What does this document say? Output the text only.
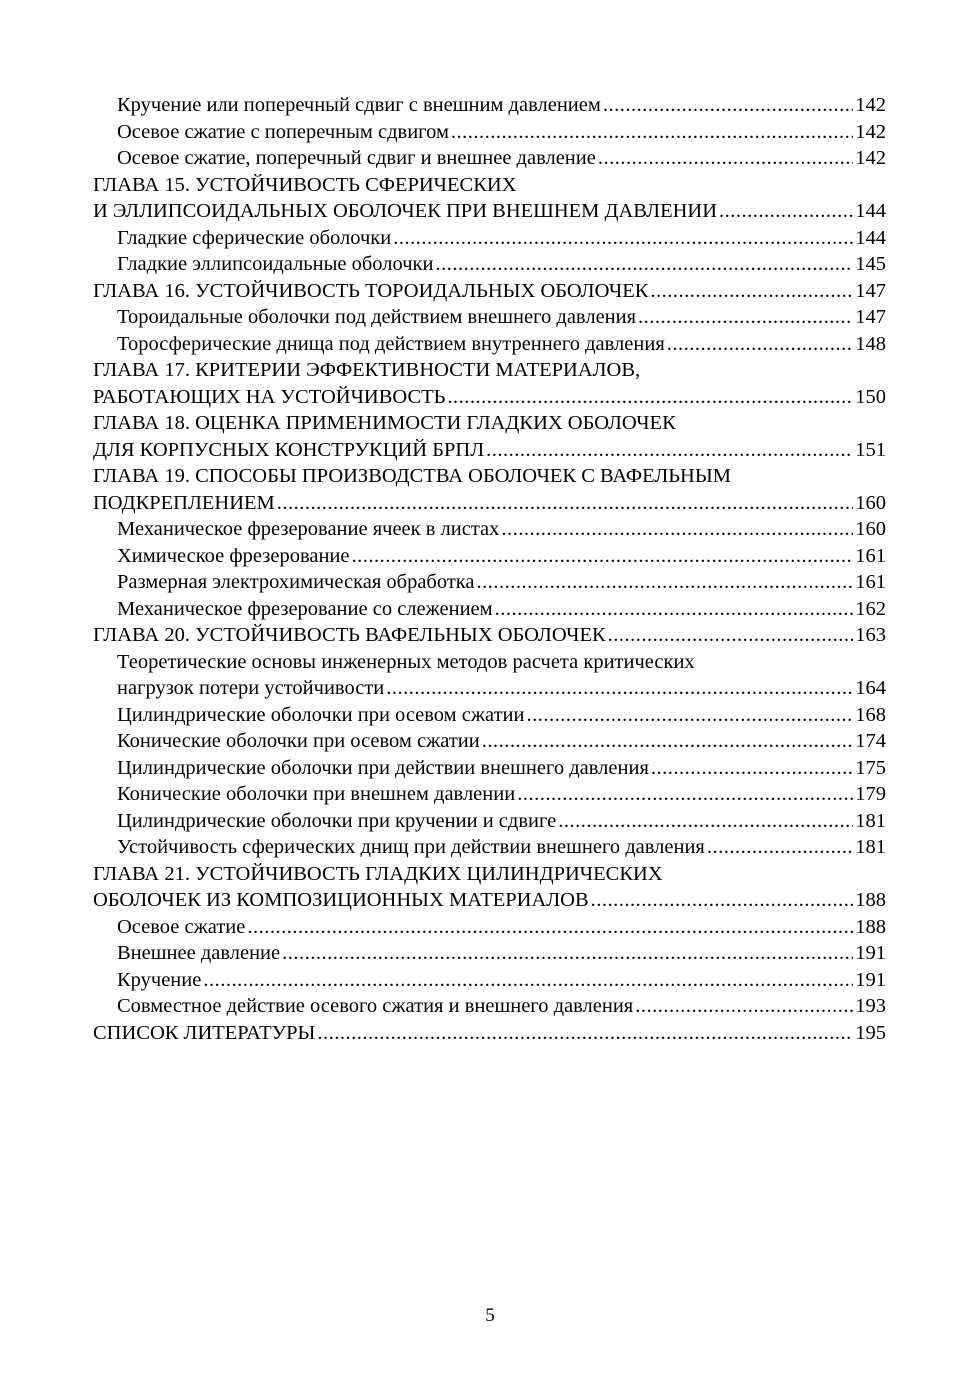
Кручение или поперечный сдвиг с внешним давлением .....	142
Осевое сжатие с поперечным сдвигом .....	142
Осевое сжатие, поперечный сдвиг и внешнее давление .....	142
ГЛАВА 15. УСТОЙЧИВОСТЬ СФЕРИЧЕСКИХ
И ЭЛЛИПСОИДАЛЬНЫХ ОБОЛОЧЕК ПРИ ВНЕШНЕМ ДАВЛЕНИИ .....	144
Гладкие сферические оболочки .....	144
Гладкие эллипсоидальные оболочки .....	145
ГЛАВА 16. УСТОЙЧИВОСТЬ ТОРОИДАЛЬНЫХ ОБОЛОЧЕК .....	147
Тороидальные оболочки под действием внешнего давления .....	147
Торосферические днища под действием внутреннего давления .....	148
ГЛАВА 17. КРИТЕРИИ ЭФФЕКТИВНОСТИ МАТЕРИАЛОВ,
РАБОТАЮЩИХ НА УСТОЙЧИВОСТЬ .....	150
ГЛАВА 18. ОЦЕНКА ПРИМЕНИМОСТИ ГЛАДКИХ ОБОЛОЧЕК
ДЛЯ КОРПУСНЫХ КОНСТРУКЦИЙ БРПЛ .....	151
ГЛАВА 19. СПОСОБЫ ПРОИЗВОДСТВА ОБОЛОЧЕК С ВАФЕЛЬНЫМ
ПОДКРЕПЛЕНИЕМ .....	160
Механическое фрезерование ячеек в листах .....	160
Химическое фрезерование .....	161
Размерная электрохимическая обработка .....	161
Механическое фрезерование со слежением .....	162
ГЛАВА 20. УСТОЙЧИВОСТЬ ВАФЕЛЬНЫХ ОБОЛОЧЕК .....	163
Теоретические основы инженерных методов расчета критических
нагрузок потери устойчивости .....	164
Цилиндрические оболочки при осевом сжатии .....	168
Конические оболочки при осевом сжатии .....	174
Цилиндрические оболочки при действии внешнего давления .....	175
Конические оболочки при внешнем давлении .....	179
Цилиндрические оболочки при кручении и сдвиге .....	181
Устойчивость сферических днищ при действии внешнего давления .....	181
ГЛАВА 21. УСТОЙЧИВОСТЬ ГЛАДКИХ ЦИЛИНДРИЧЕСКИХ
ОБОЛОЧЕК ИЗ КОМПОЗИЦИОННЫХ МАТЕРИАЛОВ .....	188
Осевое сжатие .....	188
Внешнее давление .....	191
Кручение .....	191
Совместное действие осевого сжатия и внешнего давления .....	193
СПИСОК ЛИТЕРАТУРЫ .....	195
5
